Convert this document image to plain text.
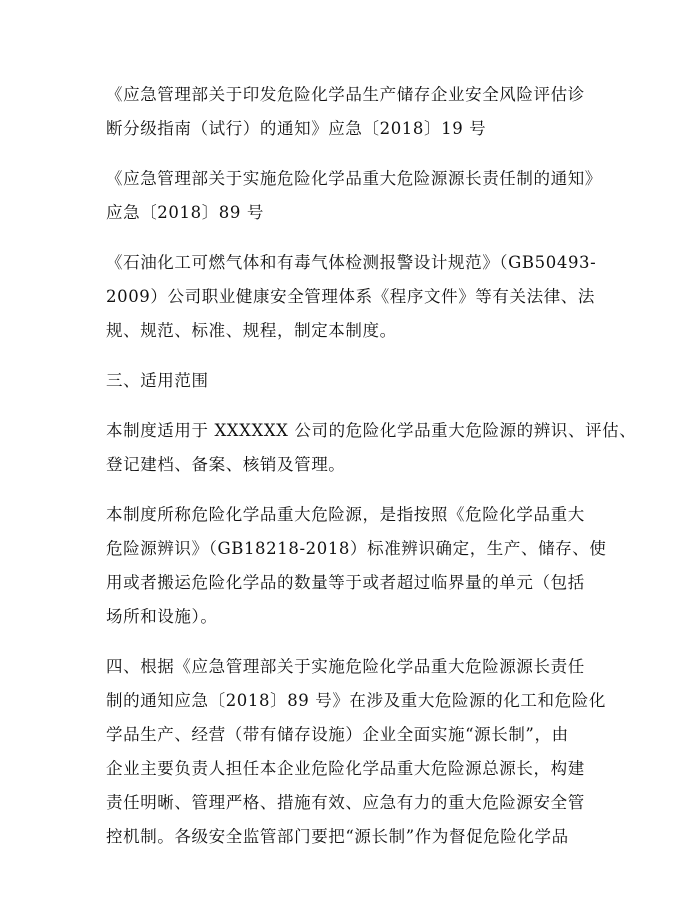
《应急管理部关于印发危险化学品生产储存企业安全风险评估诊
断分级指南（试行）的通知》应急〔2018〕19 号

《应急管理部关于实施危险化学品重大危险源源长责任制的通知》
应急〔2018〕89 号

《石油化工可燃气体和有毒气体检测报警设计规范》（GB50493-
2009）公司职业健康安全管理体系《程序文件》等有关法律、法
规、规范、标准、规程，制定本制度。

三、适用范围

本制度适用于 XXXXXX 公司的危险化学品重大危险源的辨识、评估、
登记建档、备案、核销及管理。

本制度所称危险化学品重大危险源，是指按照《危险化学品重大
危险源辨识》（GB18218-2018）标准辨识确定，生产、储存、使
用或者搬运危险化学品的数量等于或者超过临界量的单元（包括
场所和设施）。

四、根据《应急管理部关于实施危险化学品重大危险源源长责任
制的通知应急〔2018〕89 号》在涉及重大危险源的化工和危险化
学品生产、经营（带有储存设施）企业全面实施“源长制”，由
企业主要负责人担任本企业危险化学品重大危险源总源长，构建
责任明晰、管理严格、措施有效、应急有力的重大危险源安全管
控机制。各级安全监管部门要把“源长制”作为督促危险化学品
